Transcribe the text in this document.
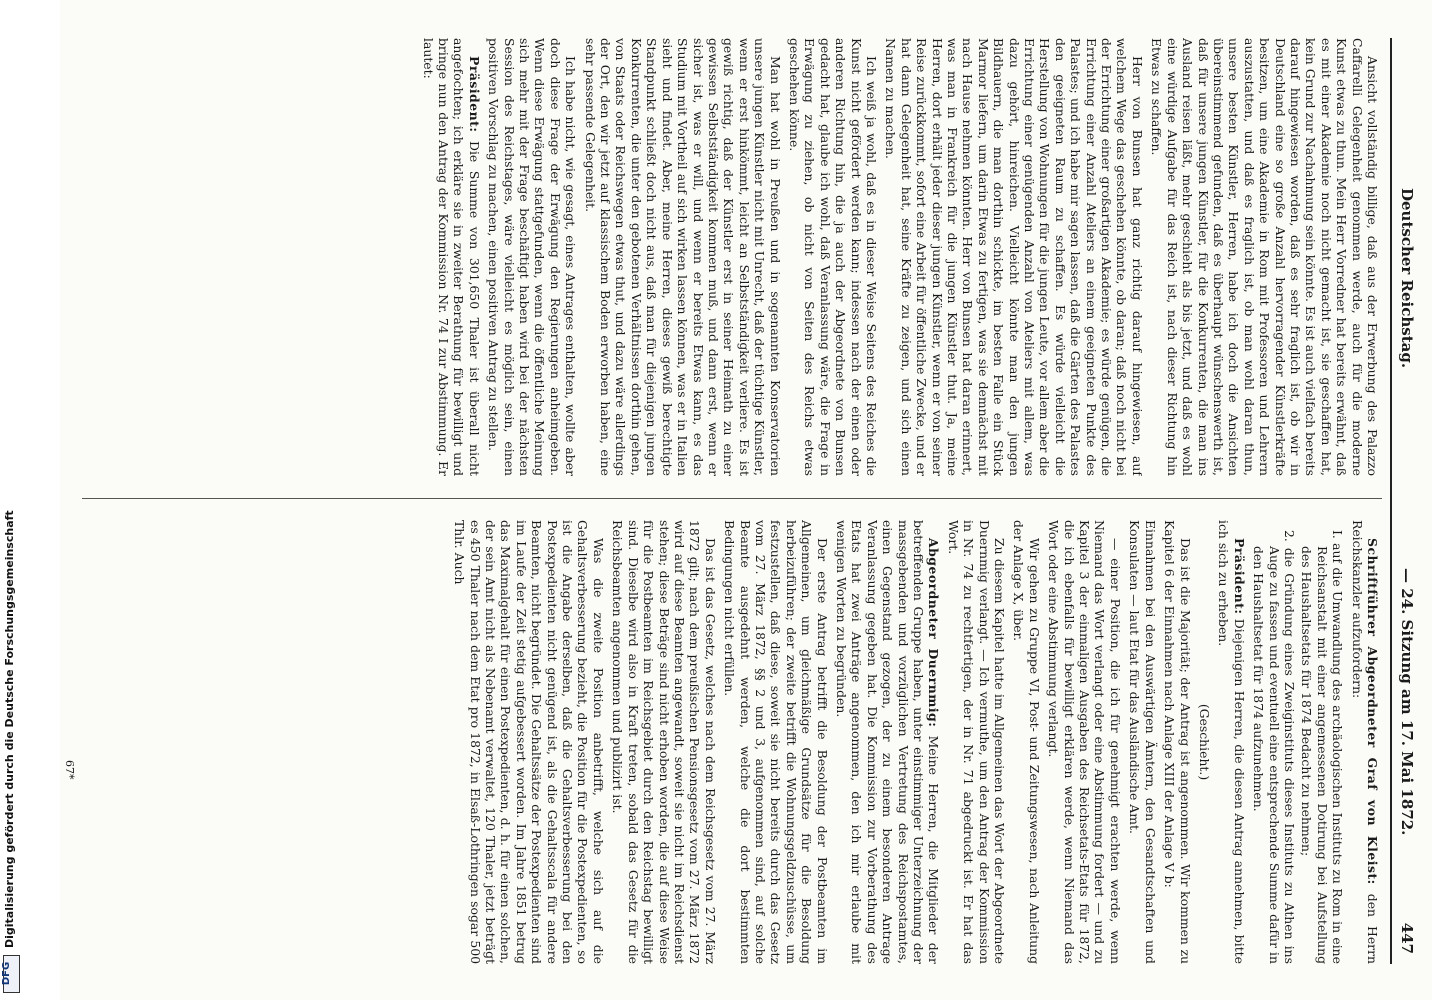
Digitalisierung gefördert durch die Deutsche Forschungsgemeinschaft
DFG
Deutscher Reichstag.
— 24. Sitzung am 17. Mai 1872.
447

Ansicht vollständig billige, daß aus der Erwerbung des Palazzo Caffarelli Gelegenheit genommen werde, auch für die moderne Kunst etwas zu thun. Mein Herr Vorredner hat bereits erwähnt, daß es mit einer Akademie noch nicht gemacht ist, sie geschaffen hat, kein Grund zur Nachahmung sein könnte. Es ist auch vielfach bereits darauf hingewiesen worden, daß es sehr fraglich ist, ob wir in Deutschland eine so große Anzahl hervorragender Künstlerkräfte besitzen, um eine Akademie in Rom mit Professoren und Lehrern auszustatten, und daß es fraglich ist, ob man wohl daran thun, unsere besten Künstler, Herren, habe ich doch die Ansichten übereinstimmend gefunden, daß es überhaupt wünschenswerth ist, daß für unsere jungen Künstler, für die Konkurrenten, die man ins Ausland reisen läßt, mehr geschieht als bis jetzt, und daß es wohl eine würdige Aufgabe für das Reich ist, nach dieser Richtung hin Etwas zu schaffen.

Herr von Bunsen hat ganz richtig darauf hingewiesen, auf welchem Wege das geschehen könnte, ob daran; daß noch nicht bei der Errichtung einer großartigen Akademie; es würde genügen, die Errichtung einer Anzahl Ateliers an einem geeigneten Punkte des Palastes; und ich habe mir sagen lassen, daß die Gärten des Palastes den geeigneten Raum zu schaffen. Es würde vielleicht die Herstellung von Wohnungen für die jungen Leute, vor allem aber die Errichtung einer genügenden Anzahl von Ateliers mit allem, was dazu gehört, hinreichen. Vielleicht könnte man den jungen Bildhauern, die man dorthin schickte, im besten Falle ein Stück Marmor liefern, um darin Etwas zu fertigen, was sie demnächst mit nach Hause nehmen könnten. Herr von Bunsen hat daran erinnert, was man in Frankreich für die jungen Künstler thut. Ja, meine Herren, dort erhält jeder dieser jungen Künstler, wenn er von seiner Reise zurückkommt, sofort eine Arbeit für öffentliche Zwecke, und er hat dann Gelegenheit hat, seine Kräfte zu zeigen, und sich einen Namen zu machen.

Ich weiß ja wohl, daß es in dieser Weise Seitens des Reiches die Kunst nicht gefördert werden kann; indessen nach der einen oder anderen Richtung hin, die ja auch der Abgeordnete von Bunsen gedacht hat, glaube ich wohl, daß Veranlassung wäre, die Frage in Erwägung zu ziehen, ob nicht von Seiten des Reichs etwas geschehen könne.

Man hat wohl in Preußen und in sogenannten Konservatorien unsere jungen Künstler nicht mit Unrecht, daß der tüchtige Künstler, wenn er erst hinkömmt, leicht an Selbstständigkeit verliere. Es ist gewiß richtig, daß der Künstler erst in seiner Heimath zu einer gewissen Selbstständigkeit kommen muß, und dann erst, wenn er sicher ist, was er will, und wenn er bereits Etwas kann, es das Studium mit Vortheil auf sich wirken lassen können, was er in Italien sieht und findet. Aber, meine Herren, dieses gewiß berechtigte Standpunkt schließt doch nicht aus, daß man für diejenigen jungen Konkurrenten, die unter den gebotenen Verhältnissen dorthin gehen, von Staats oder Reichswegen etwas thut, und dazu wäre allerdings der Ort, den wir jetzt auf klassischem Boden erworben haben, eine sehr passende Gelegenheit.

Ich habe nicht, wie gesagt, eines Antrages enthalten, wollte aber doch diese Frage der Erwägung den Regierungen anheimgeben. Wenn diese Erwägung stattgefunden, wenn die öffentliche Meinung sich mehr mit der Frage beschäftigt haben wird bei der nächsten Session des Reichstages, wäre vielleicht es möglich sein, einen positiven Vorschlag zu machen, einen positiven Antrag zu stellen.

Präsident: Die Summe von 301,650 Thaler ist überall nicht angefochten; ich erkläre sie in zweiter Berathung für bewilligt und bringe nun den Antrag der Kommission Nr. 74 I zur Abstimmung. Er lautet:

Schriftführer Abgeordneter Graf von Kleist: den Herrn Reichskanzler aufzufordern:

I. auf die Umwandlung des archäologischen Instituts zu Rom in eine Reichsanstalt mit einer angemessenen Dotirung bei Aufstellung des Haushaltsetats für 1874 Bedacht zu nehmen;
2. die Gründung eines Zweiginstituts dieses Instituts zu Athen ins Auge zu fassen und eventuell eine entsprechende Summe dafür in den Haushaltsetat für 1874 aufzunehmen.

Präsident: Diejenigen Herren, die diesen Antrag annehmen, bitte ich sich zu erheben.

(Geschieht.)

Das ist die Majorität; der Antrag ist angenommen. Wir kommen zu Kapitel 6 der Einnahmen nach Anlage XIII der Anlage V b:

Einnahmen bei den Auswärtigen Ämtern, den Gesandtschaften und Konsulaten — laut Etat für das Ausländische Amt.

— einer Position, die ich für genehmigt erachten werde, wenn Niemand das Wort verlangt oder eine Abstimmung fordert — und zu Kapitel 3 der einmaligen Ausgaben des Reichsetats-Etats für 1872, die ich ebenfalls für bewilligt erklären werde, wenn Niemand das Wort oder eine Abstimmung verlangt.

Wir gehen zu Gruppe VI, Post- und Zeitungswesen, nach Anleitung der Anlage X, über.

Zu diesem Kapitel hatte im Allgemeinen das Wort der Abgeordnete Duernmig verlangt. — Ich vermuthe, um den Antrag der Kommission in Nr. 74 zu rechtfertigen, der in Nr. 71 abgedruckt ist. Er hat das Wort.

Abgeordneter Duernmig: Meine Herren, die Mitglieder der betreffenden Gruppe haben, unter einstimmiger Unterzeichnung der massgebenden und vorzüglichen Vertretung des Reichspostamtes, einen Gegenstand gezogen, der zu einem besonderen Antrage Veranlassung gegeben hat. Die Kommission zur Vorberathung des Etats hat zwei Anträge angenommen, den ich mir erlaube mit wenigen Worten zu begründen.

Der erste Antrag betrifft die Besoldung der Postbeamten im Allgemeinen, um gleichmäßige Grundsätze für die Besoldung herbeizuführen; der zweite betrifft die Wohnungsgeldzuschüsse, um festzustellen, daß diese, soweit sie nicht bereits durch das Gesetz vom 27. März 1872, §§ 2 und 3, aufgenommen sind, auf solche Beamte ausgedehnt werden, welche die dort bestimmten Bedingungen nicht erfüllen.

Das ist das Gesetz, welches nach dem Reichsgesetz vom 27. März 1872 gilt; nach dem preußischen Pensionsgesetz vom 27. März 1872 wird auf diese Beamten angewandt, soweit sie nicht im Reichsdienst stehen; diese Beträge sind nicht erhoben worden, die auf diese Weise für die Postbeamten im Reichsgebiet durch den Reichstag bewilligt sind. Dieselbe wird also in Kraft treten, sobald das Gesetz für die Reichsbeamten angenommen und publizirt ist.

Was die zweite Position anbetrifft, welche sich auf die Gehaltsverbesserung bezieht, die Position für die Postexpedienten, so ist die Angabe derselben, daß die Gehaltsverbesserung bei den Postexpedienten nicht genügend ist, als die Gehaltsscala für andere Beamten, nicht begründet. Die Gehaltssätze der Postexpedienten sind im Laufe der Zeit stetig aufgebessert worden. Im Jahre 1851 betrug das Maximalgehalt für einen Postexpedienten, d. h. für einen solchen, der sein Amt nicht als Nebenamt verwaltet, 120 Thaler, jetzt beträgt es 450 Thaler nach dem Etat pro 1872, in Elsaß-Lothringen sogar 500 Thlr. Auch

67*
